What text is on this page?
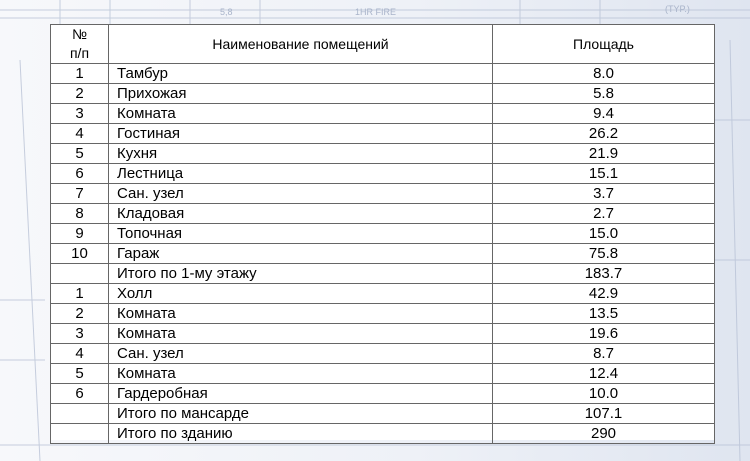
1HR FIRE
5,8	(TYP.)
№
п/п	Наименование помещений	Площадь
1	Тамбур	8.0
2	Прихожая	5.8
3	Комната	9.4
4	Гостиная	26.2
5	Кухня	21.9
6	Лестница	15.1
7	Сан. узел	3.7
8	Кладовая	2.7
9	Топочная	15.0
10	Гараж	75.8
	Итого по 1-му этажу	183.7
1	Холл	42.9
2	Комната	13.5
3	Комната	19.6
4	Сан. узел	8.7
5	Комната	12.4
6	Гардеробная	10.0
	Итого по мансарде	107.1
	Итого по зданию	290
